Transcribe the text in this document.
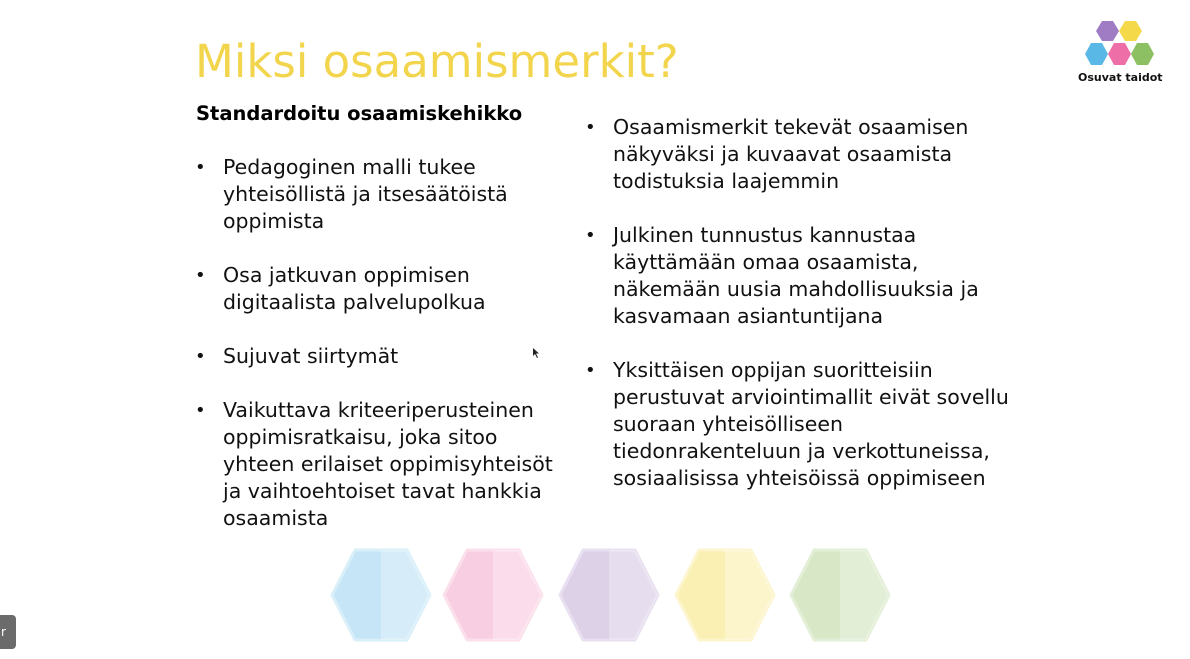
Miksi osaamismerkit?	Osuvat taidot
Standardoitu osaamiskehikko
• Pedagoginen malli tukee yhteisöllistä ja itsesäätöistä oppimista
• Osa jatkuvan oppimisen digitaalista palvelupolkua
• Sujuvat siirtymät
• Vaikuttava kriteeriperusteinen oppimisratkaisu, joka sitoo yhteen erilaiset oppimisyhteisöt ja vaihtoehtoiset tavat hankkia osaamista
• Osaamismerkit tekevät osaamisen näkyväksi ja kuvaavat osaamista todistuksia laajemmin
• Julkinen tunnustus kannustaa käyttämään omaa osaamista, näkemään uusia mahdollisuuksia ja kasvamaan asiantuntijana
• Yksittäisen oppijan suoritteisiin perustuvat arviointimallit eivät sovellu suoraan yhteisölliseen tiedonrakenteluun ja verkottuneissa, sosiaalisissa yhteisöissä oppimiseen
r
